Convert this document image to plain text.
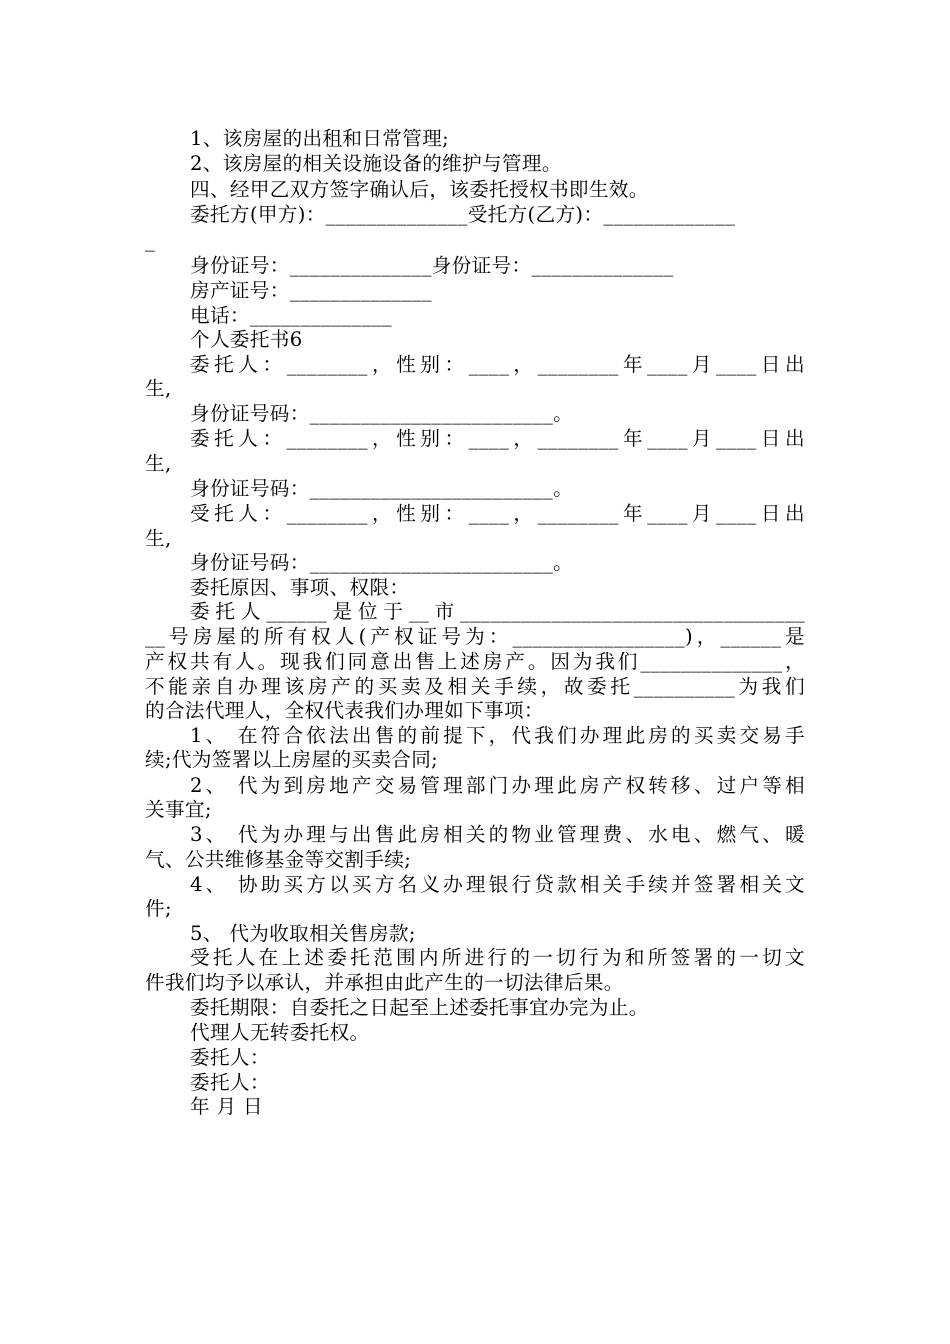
1、该房屋的出租和日常管理;
2、该房屋的相关设施设备的维护与管理。
四、经甲乙双方签字确认后，该委托授权书即生效。
委托方(甲方)：______________受托方(乙方)：_____________
_
身份证号：______________身份证号：______________
房产证号：______________
电话：______________
个人委托书6
委托人：________，性别：____，________年____月____日出
生,
身份证号码：________________________。
委托人：________，性别：____，________年____月____日出
生,
身份证号码：________________________。
受托人：________，性别：____，________年____月____日出
生,
身份证号码：________________________。
委托原因、事项、权限：
委托人______是位于__市__________________________________
__号房屋的所有权人(产权证号为：_________________)，______是
产权共有人。现我们同意出售上述房产。因为我们______________，
不能亲自办理该房产的买卖及相关手续，故委托__________为我们
的合法代理人，全权代表我们办理如下事项：
1、 在符合依法出售的前提下，代我们办理此房的买卖交易手
续;代为签署以上房屋的买卖合同;
2、 代为到房地产交易管理部门办理此房产权转移、过户等相
关事宜;
3、 代为办理与出售此房相关的物业管理费、水电、燃气、暖
气、公共维修基金等交割手续;
4、 协助买方以买方名义办理银行贷款相关手续并签署相关文
件;
5、 代为收取相关售房款;
受托人在上述委托范围内所进行的一切行为和所签署的一切文
件我们均予以承认，并承担由此产生的一切法律后果。
委托期限：自委托之日起至上述委托事宜办完为止。
代理人无转委托权。
委托人：
委托人：
年 月 日
